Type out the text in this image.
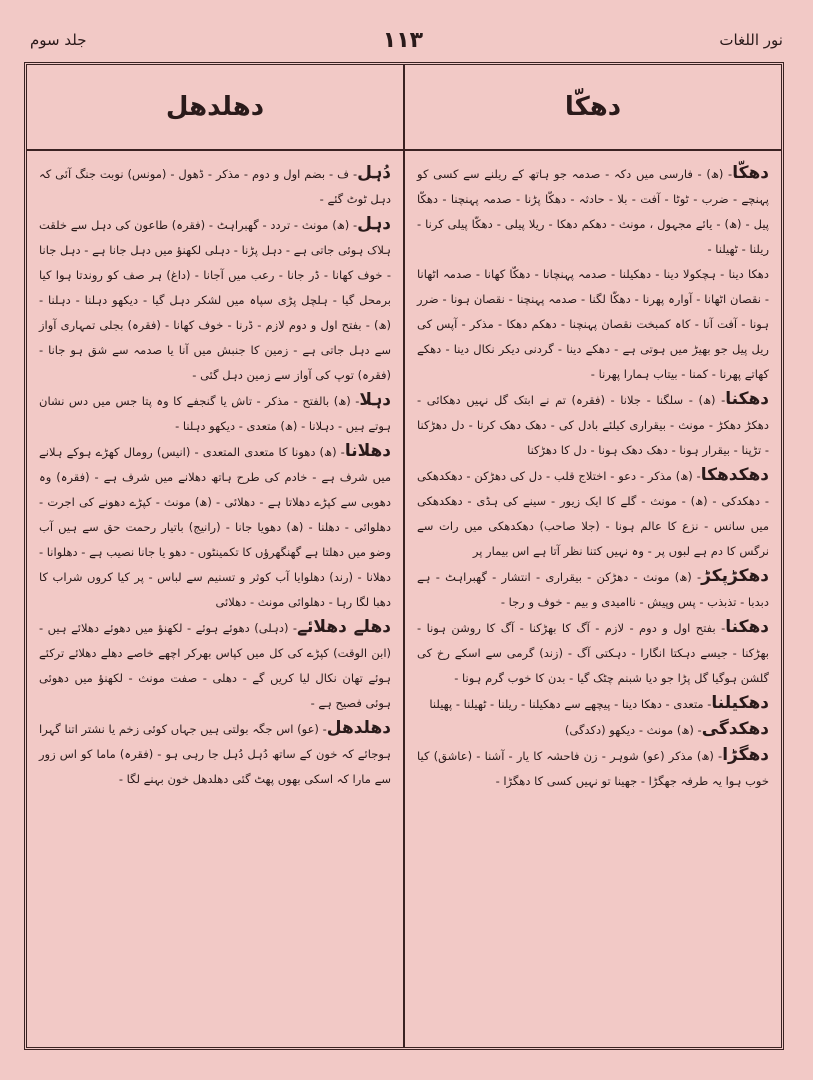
جلد سوم	۱۱۳	نور اللغات
دھکّا
دھلدھل

دھکّا- (ھ) - فارسی میں دکہ - صدمہ جو ہاتھ کے ریلنے سے کسی کو پہنچے - ضرب - ٹوٹا - آفت - بلا - حادثہ - دھکّا پڑنا - صدمہ پہنچنا - دھکّا پیل - (ھ) - یائے مجہول ، مونث - دھکم دھکا - ریلا پیلی - دھکّا پیلی کرنا - ریلنا - ٹھیلنا -

دھکا دینا - ہچکولا دینا - دھکیلنا - صدمہ پہنچانا - دھکّا کھانا - صدمہ اٹھانا - نقصان اٹھانا - آوارہ پھرنا - دھکّا لگنا - صدمہ پہنچنا - نقصان ہونا - ضرر ہونا - آفت آنا - کاہ کمبخت نقصان پہنچنا - دھکم دھکا - مذکر - آپس کی ریل پیل جو بھیڑ میں ہوتی ہے - دھکے دینا - گردنی دیکر نکال دینا - دھکے کھاتے پھرنا - کمنا - بیتاب ہمارا پھرنا -

دھکنا- (ھ) - سلگنا - جلانا - (فقرہ) تم نے ابتک گل نہیں دھکائی - دھکڑ دھکڑ - مونث - بیقراری کیلئے بادل کی - دھک دھک کرنا - دل دھڑکنا - تڑپنا - بیقرار ہونا - دھک دھک ہونا - دل کا دھڑکنا

دھکدھکا- (ھ) مذکر - دعو - اختلاج قلب - دل کی دھڑکن - دھکدھکی - دھکدکی - (ھ) - مونث - گلے کا ایک زیور - سینے کی ہڈی - دھکدھکی میں سانس - نزع کا عالم ہونا - (جلا صاحب) دھکدھکی میں رات سے نرگس کا دم ہے لبوں پر - وہ نہیں کتنا نظر آتا ہے اس بیمار پر

دھکڑپکڑ- (ھ) مونث - دھڑکن - بیقراری - انتشار - گھبراہٹ - ہے دبدبا - تذبذب - پس وپیش - ناامیدی و بیم - خوف و رجا -

دھکنا- بفتح اول و دوم - لازم - آگ کا بھڑکنا - آگ کا روشن ہونا - بھڑکنا - جیسے دہکتا انگارا - دہکتی آگ - (زند) گرمی سے اسکے رخ کی گلشن ہوگیا گل پڑا جو دیا شبنم چٹک گیا - بدن کا خوب گرم ہونا -

دھکیلنا- متعدی - دھکا دینا - پیچھے سے دھکیلنا - ریلنا - ٹھیلنا - پھیلنا

دھکدگی- (ھ) مونث - دیکھو (دکدگی)

دھگڑا- (ھ) مذکر (عو) شوہر - زن فاحشہ کا یار - آشنا - (عاشق) کیا خوب ہوا یہ طرفہ جھگڑا - جھینا تو نہیں کسی کا دھگڑا -

دُہل- ف - بضم اول و دوم - مذکر - ڈھول - (مونس) نوبت جنگ آئی کہ دہل ٹوٹ گئے -

دہل- (ھ) مونث - تردد - گھبراہٹ - (فقرہ) طاعون کی دہل سے خلقت ہلاک ہوئی جاتی ہے - دہل پڑنا - دہلی لکھنؤ میں دہل جانا ہے - دہل جانا - خوف کھانا - ڈر جانا - رعب میں آجانا - (داغ) ہر صف کو روندتا ہوا کیا برمحل گیا - ہلچل پڑی سپاہ میں لشکر دہل گیا - دیکھو دہلنا - دہلنا - (ھ) - بفتح اول و دوم لازم - ڈرنا - خوف کھانا - (فقرہ) بجلی تمہاری آواز سے دہل جاتی ہے - زمین کا جنبش میں آنا یا صدمہ سے شق ہو جانا - (فقرہ) توپ کی آواز سے زمین دہل گئی -

دہلا- (ھ) بالفتح - مذکر - تاش یا گنجفے کا وہ پتا جس میں دس نشان ہوتے ہیں - دہلانا - (ھ) متعدی - دیکھو دہلنا -

دھلانا- (ھ) دھونا کا متعدی المتعدی - (انیس) رومال کھڑے ہوکے ہلانے میں شرف ہے - خادم کی طرح ہاتھ دھلانے میں شرف ہے - (فقرہ) وہ دھوبی سے کپڑے دھلاتا ہے - دھلائی - (ھ) مونث - کپڑے دھونے کی اجرت - دھلوائی - دھلنا - (ھ) دھویا جانا - (رانیج) باتیار رحمت حق سے ہیں آب وضو میں دھلتا ہے گھنگھرؤں کا تکمینٹوں - دھو یا جانا نصیب ہے - دھلوانا - دھلانا - (رند) دھلوایا آب کوثر و تسنیم سے لباس - پر کیا کروں شراب کا دھبا لگا رہا - دھلوائی مونث - دھلائی

دھلے دھلائے- (دہلی) دھوئے ہوئے - لکھنؤ میں دھوئے دھلائے ہیں - (ابن الوقت) کپڑے کی کل میں کپاس بھرکر اچھے خاصے دھلے دھلائے ترکئے ہوئے تھان نکال لیا کریں گے - دھلی - صفت مونث - لکھنؤ میں دھوئی ہوئی فصیح ہے -

دھلدھل- (عو) اس جگہ بولتی ہیں جہاں کوئی زخم یا نشتر اتنا گہرا ہوجائے کہ خون کے ساتھ دُہل دُہل جا رہی ہو - (فقرہ) ماما کو اس زور سے مارا کہ اسکی بھوں پھٹ گئی دھلدھل خون بہنے لگا -
